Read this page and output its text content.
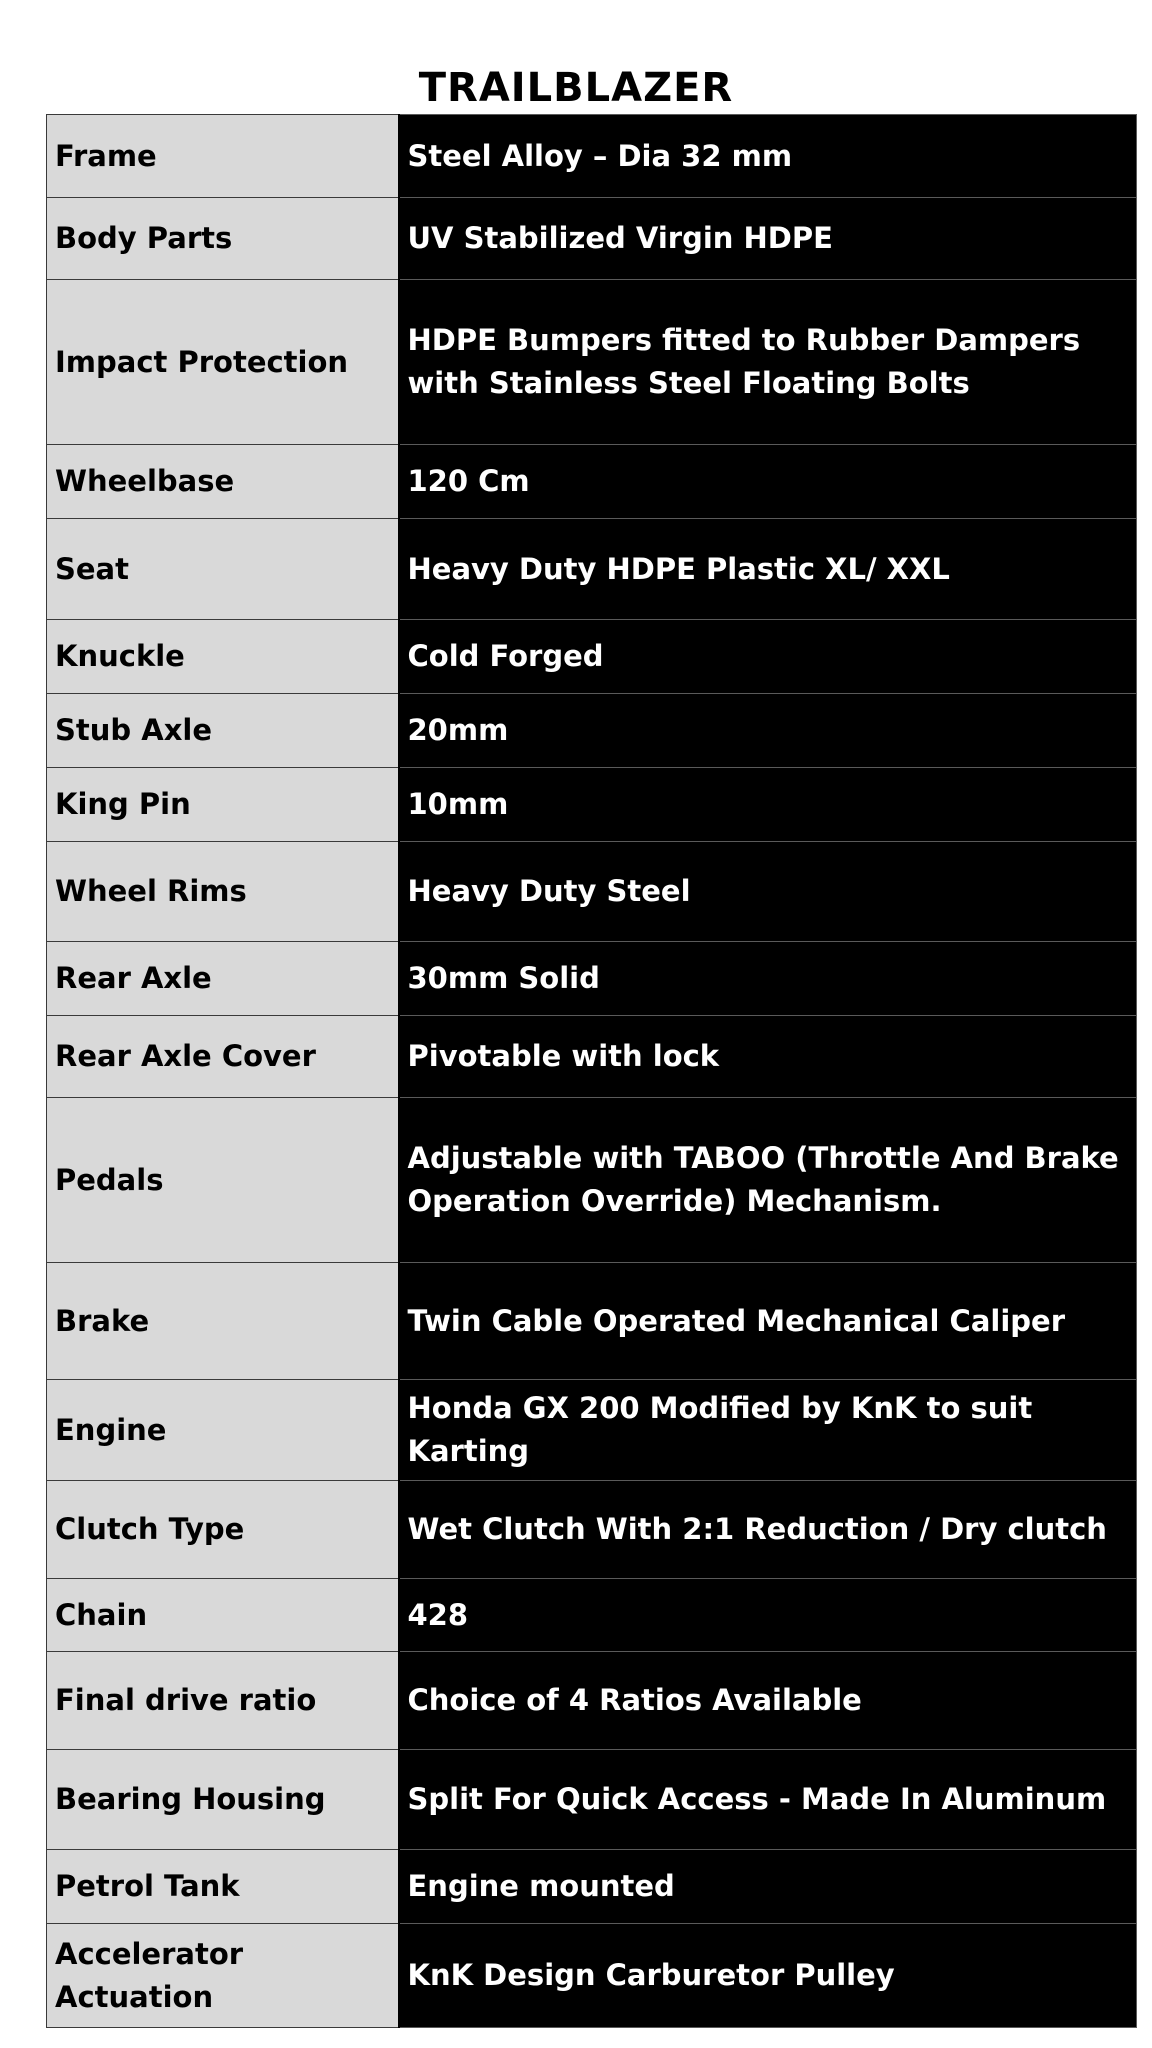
TRAILBLAZER
Frame	Steel Alloy – Dia 32 mm
Body Parts	UV Stabilized Virgin HDPE
Impact Protection	HDPE Bumpers fitted to Rubber Dampers with Stainless Steel Floating Bolts
Wheelbase	120 Cm
Seat	Heavy Duty HDPE Plastic XL/ XXL
Knuckle	Cold Forged
Stub Axle	20mm
King Pin	10mm
Wheel Rims	Heavy Duty Steel
Rear Axle	30mm Solid
Rear Axle Cover	Pivotable with lock
Pedals	Adjustable with TABOO (Throttle And Brake Operation Override) Mechanism.
Brake	Twin Cable Operated Mechanical Caliper
Engine	Honda GX 200 Modified by KnK to suit Karting
Clutch Type	Wet Clutch With 2:1 Reduction / Dry clutch
Chain	428
Final drive ratio	Choice of 4 Ratios Available
Bearing Housing	Split For Quick Access - Made In Aluminum
Petrol Tank	Engine mounted
Accelerator Actuation	KnK Design Carburetor Pulley
